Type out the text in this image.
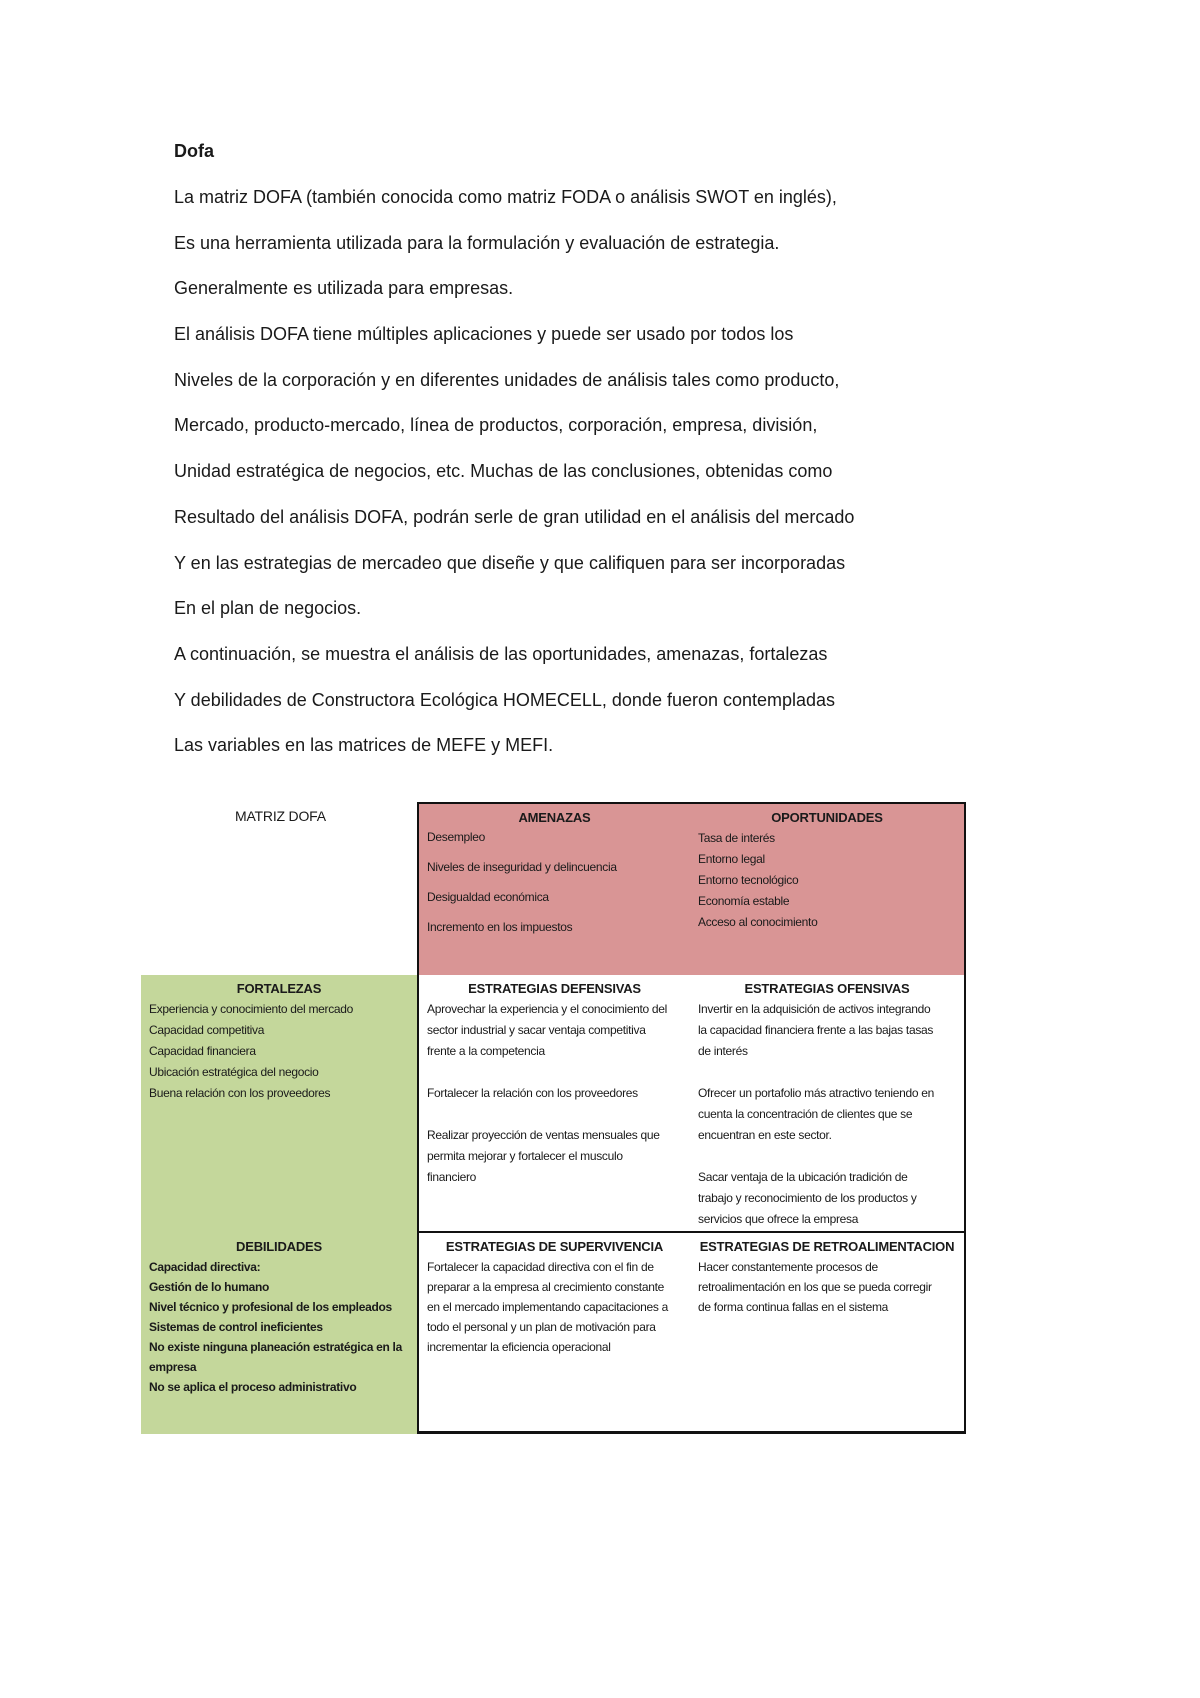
Dofa
La matriz DOFA (también conocida como matriz FODA o análisis SWOT en inglés),
Es una herramienta utilizada para la formulación y evaluación de estrategia.
Generalmente es utilizada para empresas.
El análisis DOFA tiene múltiples aplicaciones y puede ser usado por todos los
Niveles de la corporación y en diferentes unidades de análisis tales como producto,
Mercado, producto-mercado, línea de productos, corporación, empresa, división,
Unidad estratégica de negocios, etc. Muchas de las conclusiones, obtenidas como
Resultado del análisis DOFA, podrán serle de gran utilidad en el análisis del mercado
Y en las estrategias de mercadeo que diseñe y que califiquen para ser incorporadas
En el plan de negocios.
A continuación, se muestra el análisis de las oportunidades, amenazas, fortalezas
Y debilidades de Constructora Ecológica HOMECELL, donde fueron contempladas
Las variables en las matrices de MEFE y MEFI.
MATRIZ DOFA	AMENAZAS
Desempleo
Niveles de inseguridad y delincuencia
Desigualdad económica
Incremento en los impuestos
OPORTUNIDADES
Tasa de interés
Entorno legal
Entorno tecnológico
Economía estable
Acceso al conocimiento
FORTALEZAS
Experiencia y conocimiento del mercado
Capacidad competitiva
Capacidad financiera
Ubicación estratégica del negocio
Buena relación con los proveedores
ESTRATEGIAS DEFENSIVAS
Aprovechar la experiencia y el conocimiento del
sector industrial y sacar ventaja competitiva
frente a la competencia
Fortalecer la relación con los proveedores
Realizar proyección de ventas mensuales que
permita mejorar y fortalecer el musculo
financiero
ESTRATEGIAS OFENSIVAS
Invertir en la adquisición de activos integrando
la capacidad financiera frente a las bajas tasas
de interés
Ofrecer un portafolio más atractivo teniendo en
cuenta la concentración de clientes que se
encuentran en este sector.
Sacar ventaja de la ubicación tradición de
trabajo y reconocimiento de los productos y
servicios que ofrece la empresa
DEBILIDADES
Capacidad directiva:
Gestión de lo humano
Nivel técnico y profesional de los empleados
Sistemas de control ineficientes
No existe ninguna planeación estratégica en la
empresa
No se aplica el proceso administrativo
ESTRATEGIAS DE SUPERVIVENCIA
Fortalecer la capacidad directiva con el fin de
preparar a la empresa al crecimiento constante
en el mercado implementando capacitaciones a
todo el personal y un plan de motivación para
incrementar la eficiencia operacional
ESTRATEGIAS DE RETROALIMENTACION
Hacer constantemente procesos de
retroalimentación en los que se pueda corregir
de forma continua fallas en el sistema
